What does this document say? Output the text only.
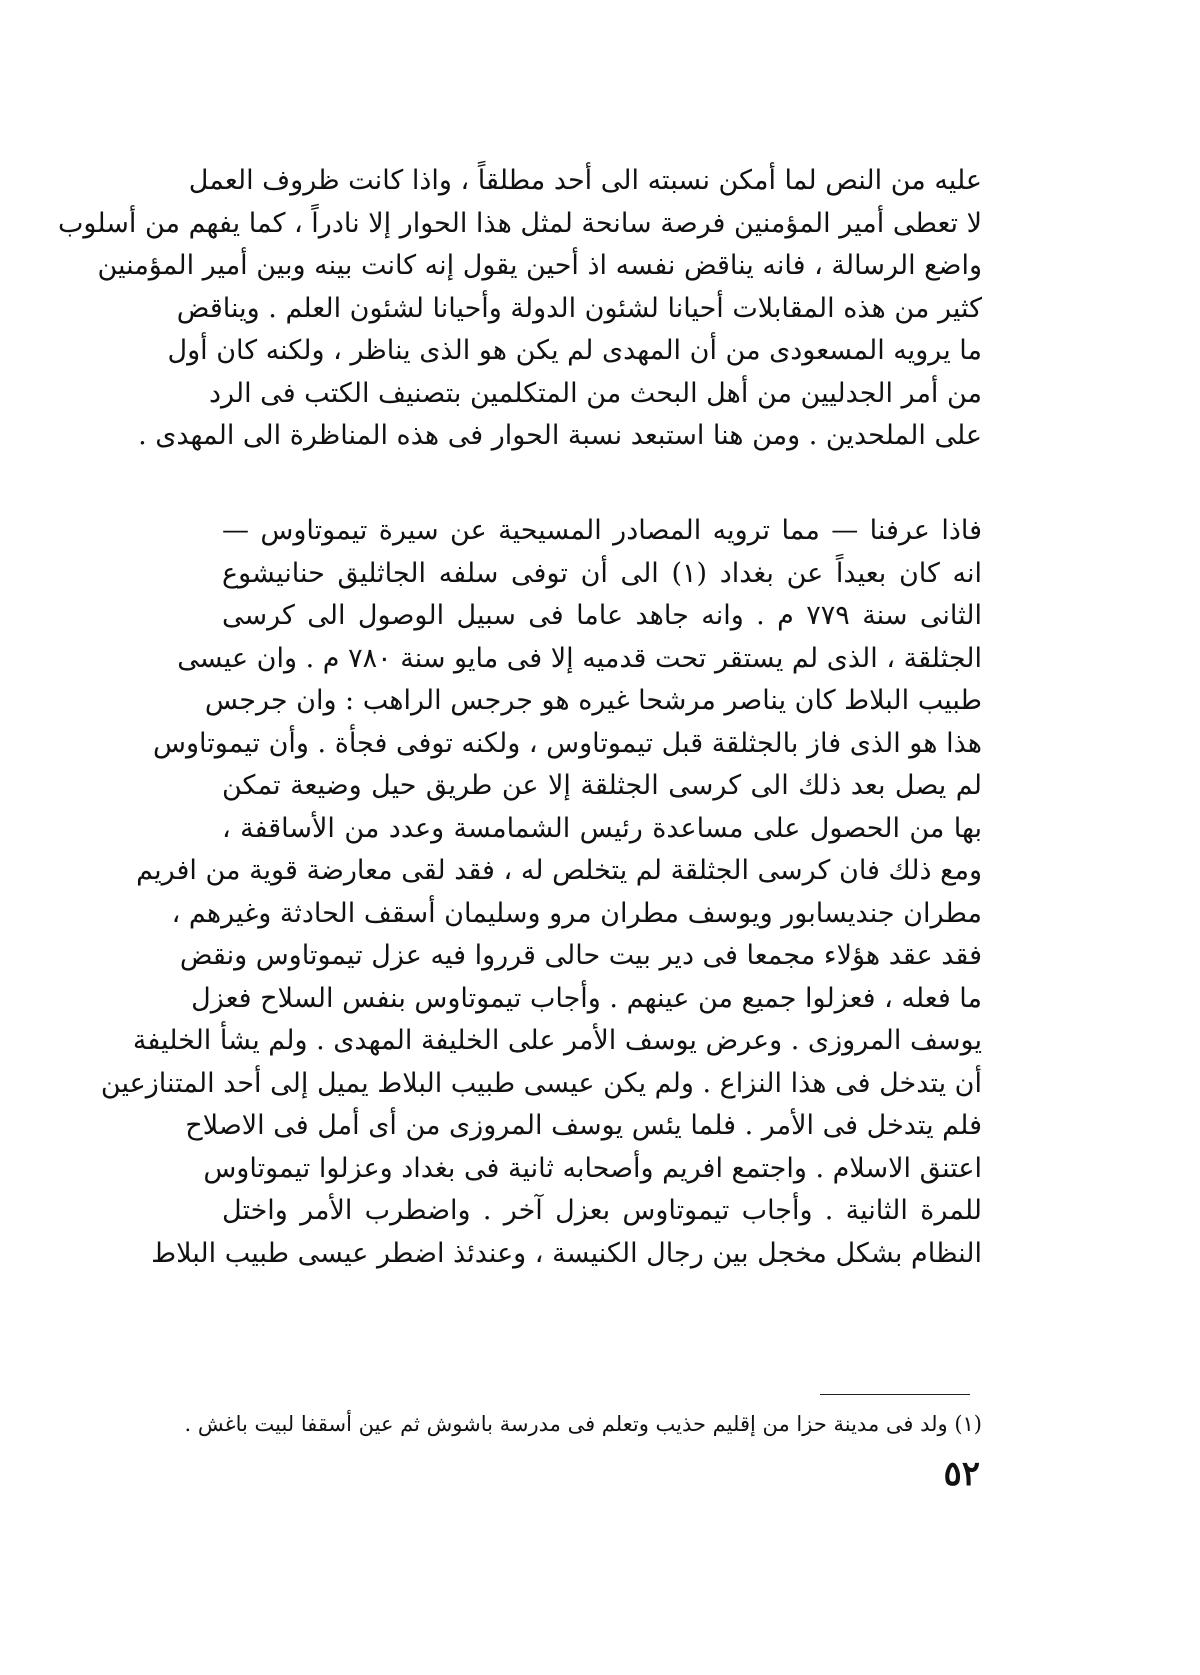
عليه من النص لما أمكن نسبته الى أحد مطلقاً ، واذا كانت ظروف العمل
لا تعطى أمير المؤمنين فرصة سانحة لمثل هذا الحوار إلا نادراً ، كما يفهم من أسلوب
واضع الرسالة ، فانه يناقض نفسه اذ أحين يقول إنه كانت بينه وبين أمير المؤمنين
كثير من هذه المقابلات أحيانا لشئون الدولة وأحيانا لشئون العلم . ويناقض
ما يرويه المسعودى من أن المهدى لم يكن هو الذى يناظر ، ولكنه كان أول
من أمر الجدليين من أهل البحث من المتكلمين بتصنيف الكتب فى الرد
على الملحدين . ومن هنا استبعد نسبة الحوار فى هذه المناظرة الى المهدى .
فاذا عرفنا — مما ترويه المصادر المسيحية عن سيرة تيموتاوس —
انه كان بعيداً عن بغداد (١) الى أن توفى سلفه الجاثليق حنانيشوع
الثانى سنة ٧٧٩ م . وانه جاهد عاما فى سبيل الوصول الى كرسى
الجثلقة ، الذى لم يستقر تحت قدميه إلا فى مايو سنة ٧٨٠ م . وان عيسى
طبيب البلاط كان يناصر مرشحا غيره هو جرجس الراهب : وان جرجس
هذا هو الذى فاز بالجثلقة قبل تيموتاوس ، ولكنه توفى فجأة . وأن تيموتاوس
لم يصل بعد ذلك الى كرسى الجثلقة إلا عن طريق حيل وضيعة تمكن
بها من الحصول على مساعدة رئيس الشمامسة وعدد من الأساقفة ،
ومع ذلك فان كرسى الجثلقة لم يتخلص له ، فقد لقى معارضة قوية من افريم
مطران جنديسابور ويوسف مطران مرو وسليمان أسقف الحادثة وغيرهم ،
فقد عقد هؤلاء مجمعا فى دير بيت حالى قرروا فيه عزل تيموتاوس ونقض
ما فعله ، فعزلوا جميع من عينهم . وأجاب تيموتاوس بنفس السلاح فعزل
يوسف المروزى . وعرض يوسف الأمر على الخليفة المهدى . ولم يشأ الخليفة
أن يتدخل فى هذا النزاع . ولم يكن عيسى طبيب البلاط يميل إلى أحد المتنازعين
فلم يتدخل فى الأمر . فلما يئس يوسف المروزى من أى أمل فى الاصلاح
اعتنق الاسلام . واجتمع افريم وأصحابه ثانية فى بغداد وعزلوا تيموتاوس
للمرة الثانية . وأجاب تيموتاوس بعزل آخر . واضطرب الأمر واختل
النظام بشكل مخجل بين رجال الكنيسة ، وعندئذ اضطر عيسى طبيب البلاط
(١) ولد فى مدينة حزا من إقليم حذيب وتعلم فى مدرسة باشوش ثم عين أسقفا لبيت باغش .
٥٢
